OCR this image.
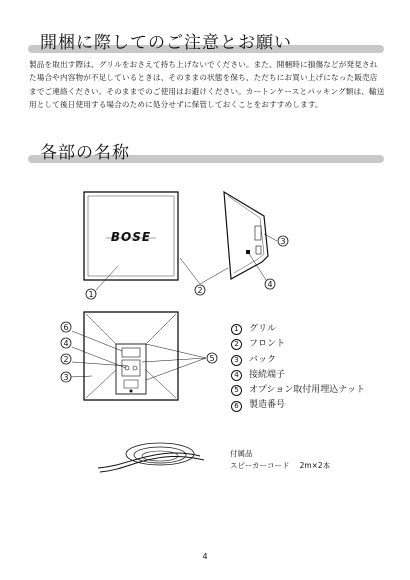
開梱に際してのご注意とお願い
製品を取出す際は、グリルをおさえて持ち上げないでください。また、開梱時に損傷などが発見された場合や内容物が不足しているときは、そのままの状態を保ち、ただちにお買い上げになった販売店までご連絡ください。そのままでのご使用はお避けください。カートンケースとパッキング類は、輸送用として後日使用する場合のために処分せずに保管しておくことをおすすめします。
各部の名称
BOSE
1	2
3
4
6
4
2
3
5
1	グリル
2	フロント
3	バック
4	接続端子
5	オプション取付用埋込ナット
6	製造番号
付属品
スピーカーコード 2m×2本
4
